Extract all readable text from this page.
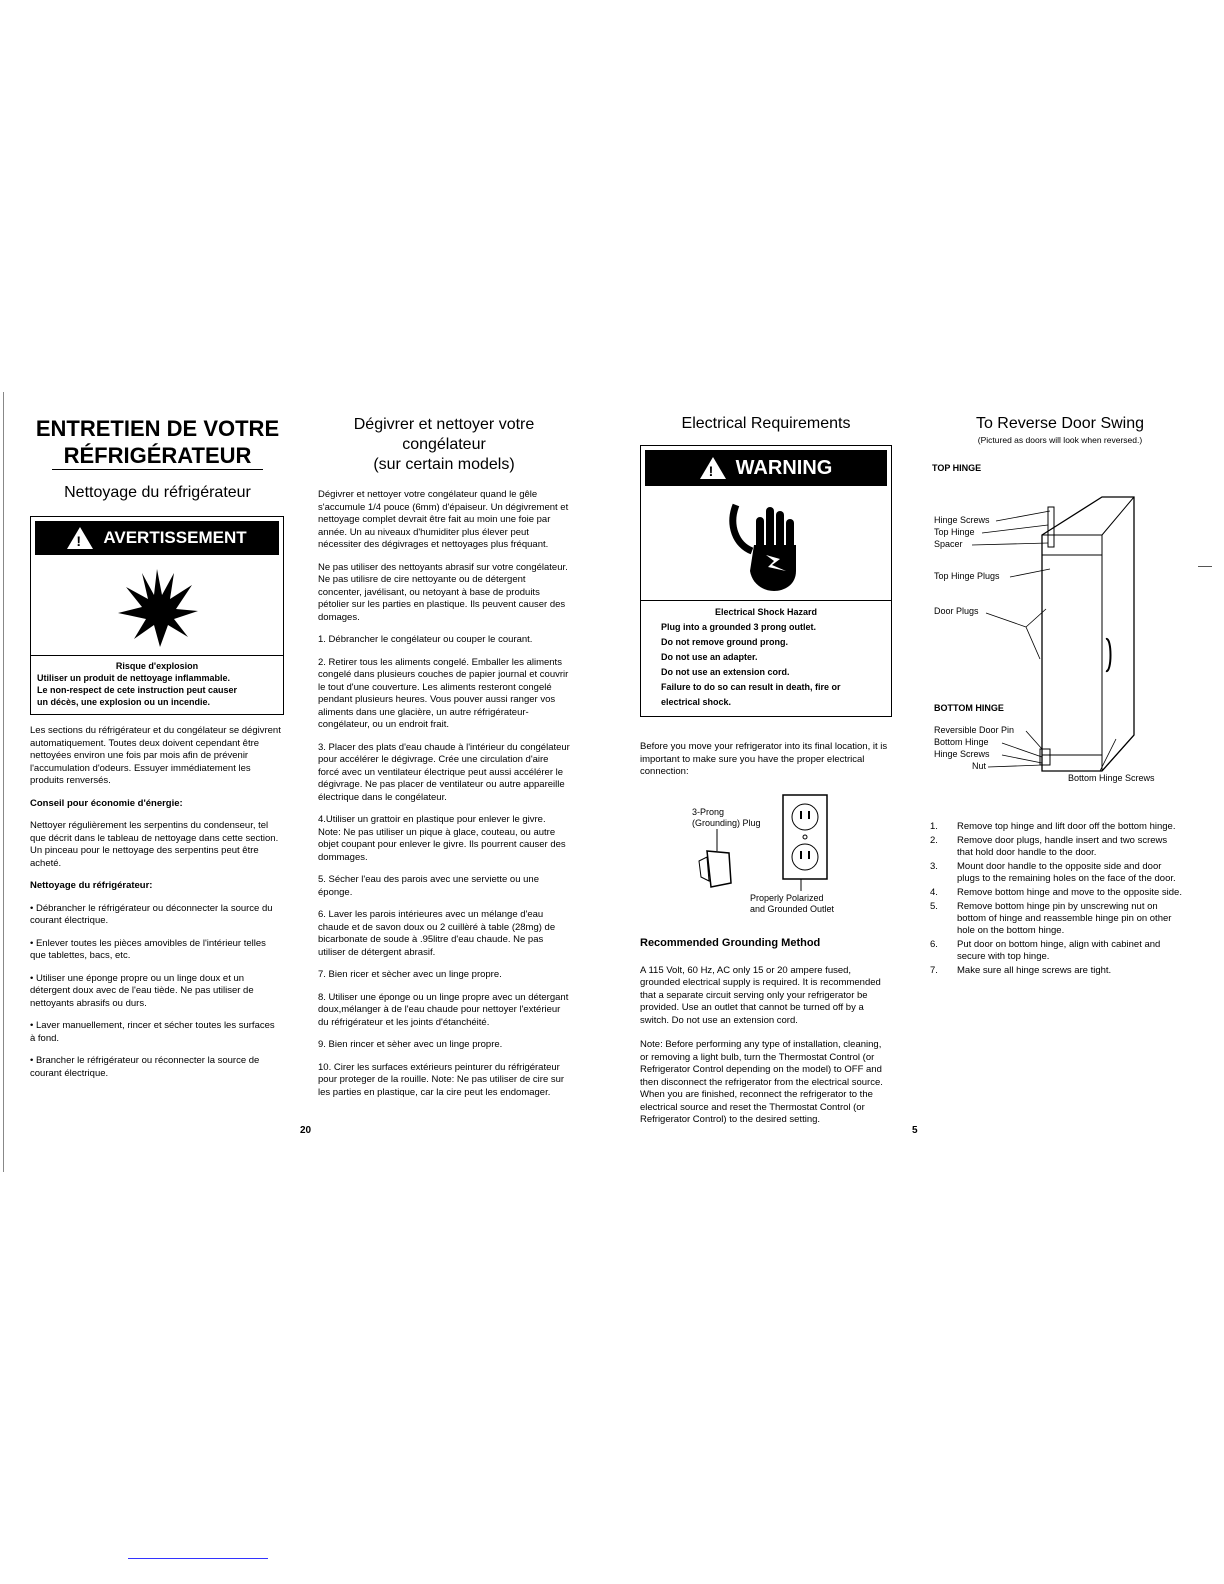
ENTRETIEN DE VOTRE
RÉFRIGÉRATEUR
Nettoyage du réfrigérateur
! AVERTISSEMENT
Risque d'explosion
Utiliser un produit de nettoyage inflammable.
Le non-respect de cete instruction peut causer
un décès, une explosion ou un incendie.

Les sections du réfrigérateur et du congélateur se dégivrent automatiquement. Toutes deux doivent cependant être nettoyées environ une fois par mois afin de prévenir l'accumulation d'odeurs. Essuyer immédiatement les produits renversés.

Conseil pour économie d'énergie:

Nettoyer régulièrement les serpentins du condenseur, tel que décrit dans le tableau de nettoyage dans cette section. Un pinceau pour le nettoyage des serpentins peut être acheté.

Nettoyage du réfrigérateur:

• Débrancher le réfrigérateur ou déconnecter la source du courant électrique.

• Enlever toutes les pièces amovibles de l'intérieur telles que tablettes, bacs, etc.

• Utiliser une éponge propre ou un linge doux et un détergent doux avec de l'eau tiède. Ne pas utiliser de nettoyants abrasifs ou durs.

• Laver manuellement, rincer et sécher toutes les surfaces à fond.

• Brancher le réfrigérateur ou réconnecter la source de courant électrique.

Dégivrer et nettoyer votre
congélateur
(sur certain models)

Dégivrer et nettoyer votre congélateur quand le gêle s'accumule 1/4 pouce (6mm) d'épaiseur. Un dégivrement et nettoyage complet devrait être fait au moin une foie par année. Un au niveaux d'humiditer plus élever peut nécessiter des dégivrages et nettoyages plus fréquant.

Ne pas utiliser des nettoyants abrasif sur votre congélateur. Ne pas utilisre de cire nettoyante ou de détergent concenter, javélisant, ou netoyant à base de produits pétolier sur les parties en plastique. Ils peuvent causer des domages.

1. Débrancher le congélateur ou couper le courant.

2. Retirer tous les aliments congelé. Emballer les aliments congelé dans plusieurs couches de papier journal et couvrir le tout d'une couverture. Les aliments resteront congelé pendant plusieurs heures. Vous pouver aussi ranger vos aliments dans une glacière, un autre réfrigérateur-congélateur, ou un endroit frait.

3. Placer des plats d'eau chaude à l'intérieur du congélateur pour accélérer le dégivrage. Crée une circulation d'aire forcé avec un ventilateur électrique peut aussi accélérer le dégivrage. Ne pas placer de ventilateur ou autre appareille électrique dans le congélateur.

4.Utiliser un grattoir en plastique pour enlever le givre. Note: Ne pas utiliser un pique à glace, couteau, ou autre objet coupant pour enlever le givre. Ils pourrent causer des dommages.

5. Sécher l'eau des parois avec une serviette ou une éponge.

6. Laver les parois intérieures avec un mélange d'eau chaude et de savon doux ou 2 cuillèré à table (28mg) de bicarbonate de soude à .95litre d'eau chaude. Ne pas utiliser de détergent abrasif.

7. Bien ricer et sècher avec un linge propre.

8. Utiliser une éponge ou un linge propre avec un détergant doux,mélanger à de l'eau chaude pour nettoyer l'extérieur du réfrigérateur et les joints d'étanchéité.

9. Bien rincer et sèher avec un linge propre.

10. Cirer les surfaces extérieurs peinturer du réfrigérateur pour proteger de la rouille. Note: Ne pas utiliser de cire sur les parties en plastique, car la cire peut les endomager.

20
Electrical Requirements
! WARNING
Electrical Shock Hazard
Plug into a grounded 3 prong outlet.
Do not remove ground prong.
Do not use an adapter.
Do not use an extension cord.
Failure to do so can result in death, fire or
electrical shock.
Before you move your refrigerator into its final location, it is important to make sure you have the proper electrical connection:
3-Prong
(Grounding) Plug
Properly Polarized
and Grounded Outlet
Recommended Grounding Method
A 115 Volt, 60 Hz, AC only 15 or 20 ampere fused, grounded electrical supply is required. It is recommended that a separate circuit serving only your refrigerator be provided. Use an outlet that cannot be turned off by a switch. Do not use an extension cord.
Note: Before performing any type of installation, cleaning, or removing a light bulb, turn the Thermostat Control (or Refrigerator Control depending on the model) to OFF and then disconnect the refrigerator from the electrical source. When you are finished, reconnect the refrigerator to the electrical source and reset the Thermostat Control (or Refrigerator Control) to the desired setting.
To Reverse Door Swing
(Pictured as doors will look when reversed.)
TOP HINGE
Hinge Screws
Top Hinge
Spacer
Top Hinge Plugs
Door Plugs
BOTTOM HINGE
Reversible Door Pin
Bottom Hinge
Hinge Screws
Nut
Bottom Hinge Screws
1.	Remove top hinge and lift door off the bottom hinge.
2.	Remove door plugs, handle insert and two screws that hold door handle to the door.
3.	Mount door handle to the opposite side and door plugs to the remaining holes on the face of the door.
4.	Remove bottom hinge and move to the opposite side.
5.	Remove bottom hinge pin by unscrewing nut on bottom of hinge and reassemble hinge pin on other hole on the bottom hinge.
6.	Put door on bottom hinge, align with cabinet and secure with top hinge.
7.	Make sure all hinge screws are tight.
5
